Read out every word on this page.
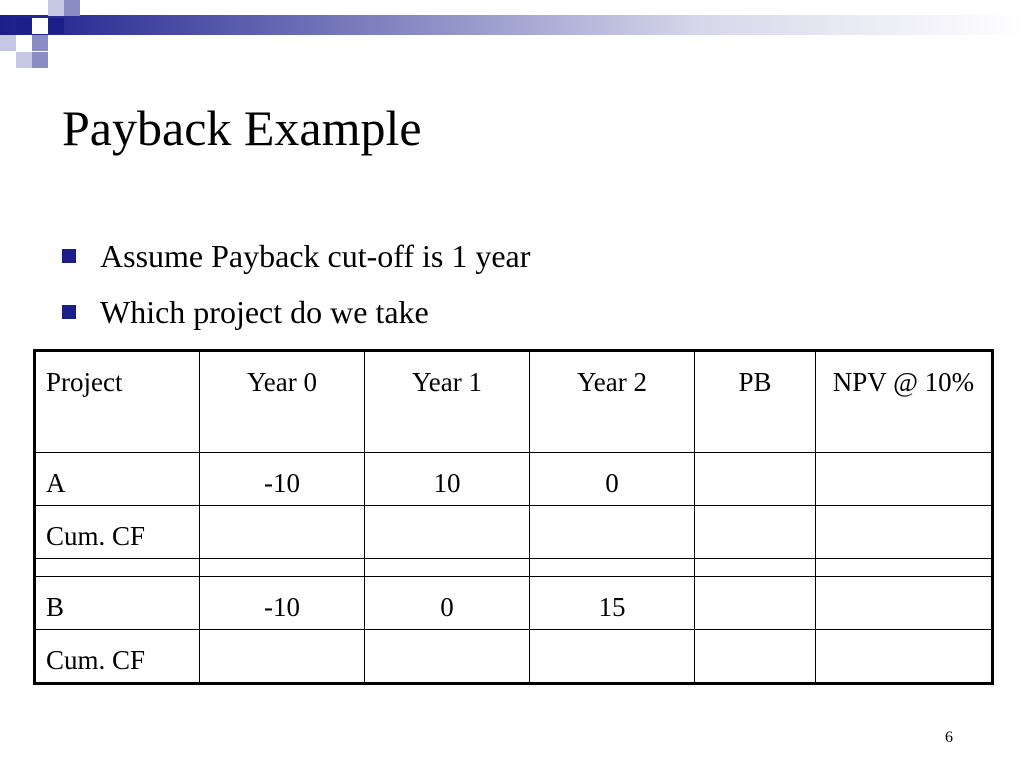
Payback Example
Assume Payback cut-off is 1 year
Which project do we take
Project	Year 0	Year 1	Year 2	PB	NPV @ 10%
A	-10	10	0		
Cum. CF					

B	-10	0	15		
Cum. CF					
6
